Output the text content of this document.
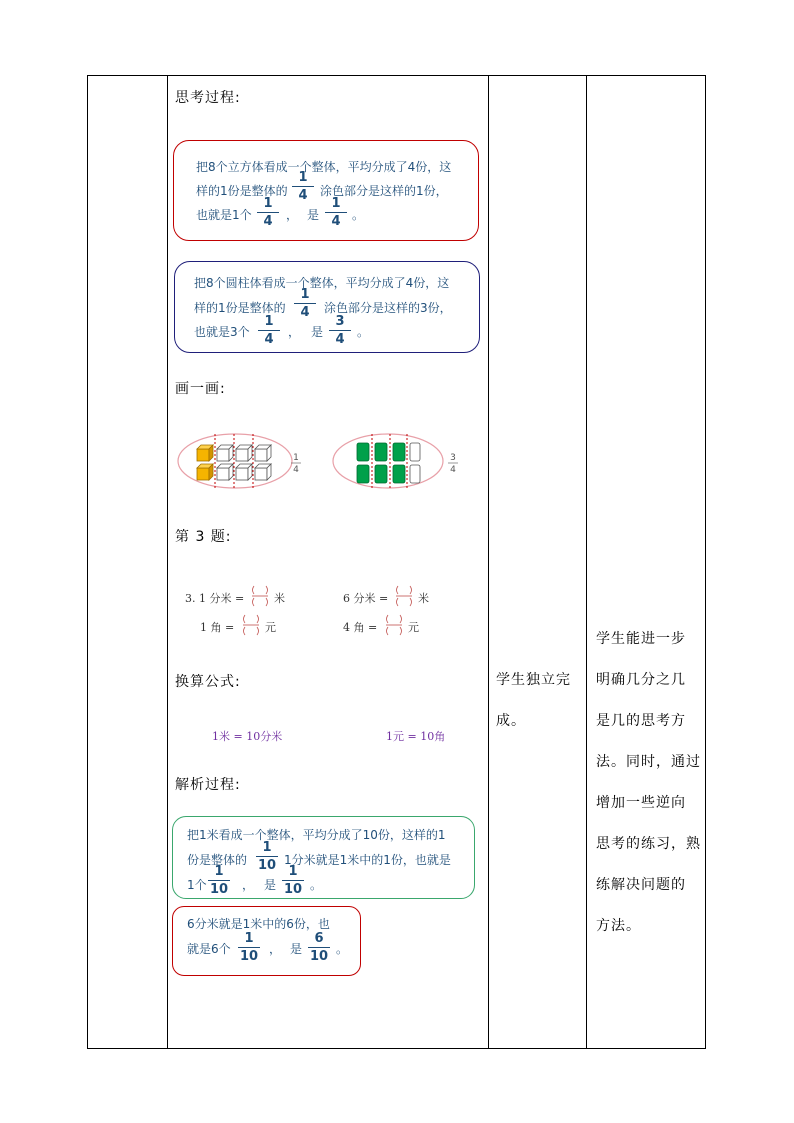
思考过程:
画一画:
第 3 题:
换算公式:
解析过程:
把8个立方体看成一个整体，平均分成了4份，这
样的1份是整体的
1
4	涂色部分是这样的1份，
也就是1个
1
4	， 是
1
4 。
把8个圆柱体看成一个整体，平均分成了4份，这
样的1份是整体的
1
4	涂色部分是这样的3份，
也就是3个
1
4	， 是
3
4	。
1
4
3
4
3. 1 分米 =	米	6 分米 =	米
1 角 =	元	4 角 =	元
1米 = 10分米	1元 = 10角
把1米看成一个整体，平均分成了10份，这样的1
份是整体的
1
10 1分米就是1米中的1份，也就是
1个
1
10 ， 是
1
10 。
6分米就是1米中的6份，也
就是6个
1
10 ， 是
6
10 。
学生独立完
成。
学生能进一步
明确几分之几
是几的思考方
法。同时，通过
增加一些逆向
思考的练习，熟
练解决问题的
方法。
